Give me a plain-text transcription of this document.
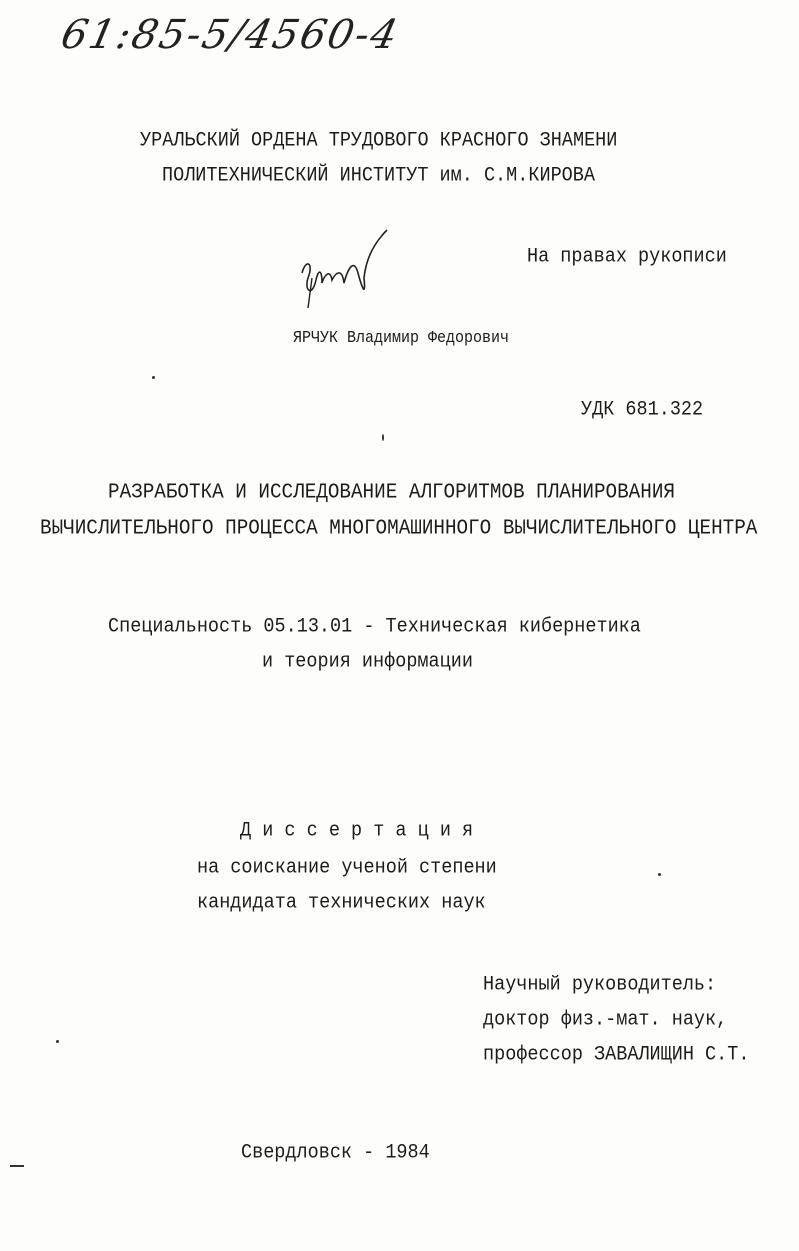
61:85-5/4560-4
УРАЛЬСКИЙ ОРДЕНА ТРУДОВОГО КРАСНОГО ЗНАМЕНИ
ПОЛИТЕХНИЧЕСКИЙ ИНСТИТУТ им. С.М.КИРОВА
На правах рукописи
ЯРЧУК Владимир Федорович
УДК 681.322
РАЗРАБОТКА И ИССЛЕДОВАНИЕ АЛГОРИТМОВ ПЛАНИРОВАНИЯ
ВЫЧИСЛИТЕЛЬНОГО ПРОЦЕССА МНОГОМАШИННОГО ВЫЧИСЛИТЕЛЬНОГО ЦЕНТРА
Специальность 05.13.01 - Техническая кибернетика
и теория информации
Д и с с е р т а ц и я
на соискание ученой степени
кандидата технических наук
Научный руководитель:
доктор физ.-мат. наук,
профессор ЗАВАЛИЩИН С.Т.
Свердловск - 1984
